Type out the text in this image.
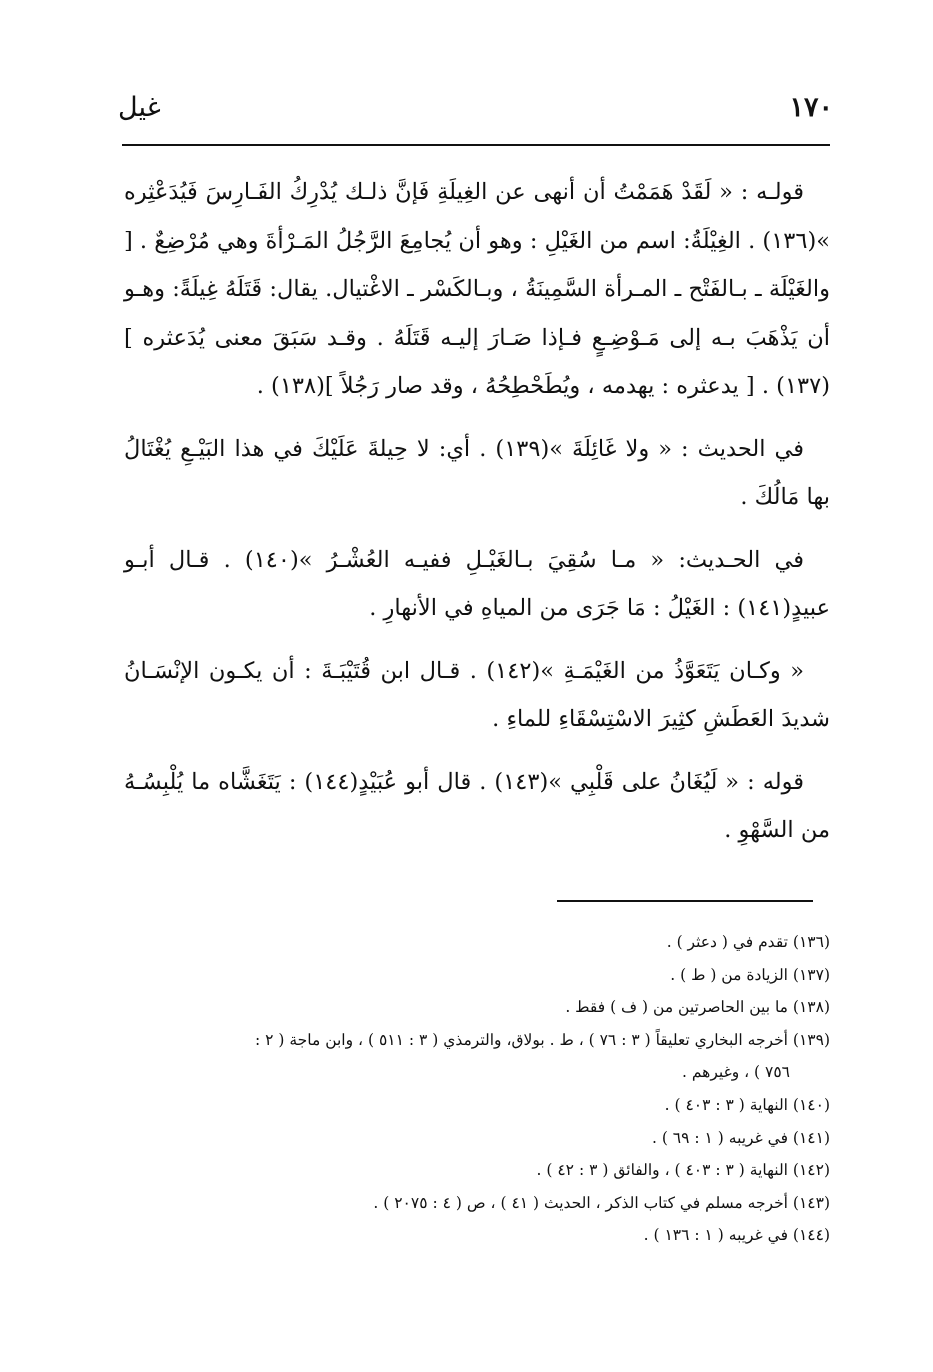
غيل	١٧٠

قولـه : « لَقَدْ هَمَمْتُ أن أنهى عن الغِيلَةِ فَإنَّ ذلـك يُدْرِكُ الفَـارِسَ فَيُدَعْثِره »(١٣٦) . الغِيْلَةُ: اسم من الغَيْلِ : وهو أن يُجامِعَ الرَّجُلُ المَـرْأةَ وهي مُرْضِعٌ . [ والغَيْلَة ـ بـالفَتْح ـ المـرأة السَّمِينَةُ ، وبـالكَسْر ـ الاغْتيال. يقال: قَتَلَهُ غِيلَةً: وهـو أن يَذْهَبَ بـه إلى مَـوْضِـعٍ فـإذا صَـارَ إليـه قَتَلَهُ . وقـد سَبَقَ معنى يُدَعثره ](١٣٧) . [ يدعثره : يهدمه ، ويُطَحْطِحُهُ ، وقد صار رَجُلاً ](١٣٨) .

في الحديث : « ولا غَائِلَةَ »(١٣٩) . أي: لا حِيلةَ عَلَيْكَ في هذا البَيْـعِ يُغْتَالُ بها مَالُكَ .

في الحـديث: « مـا سُقِيَ بـالغَيْـلِ ففيـه العُشْـرُ »(١٤٠) . قـال أبـو عبيدٍ(١٤١) : الغَيْلُ : مَا جَرَى من المياهِ في الأنهارِ .

« وكـان يَتَعَوَّذُ من الغَيْمَـةِ »(١٤٢) . قـال ابن قُتَيْبَـةَ : أن يكـون الإنْسَـانُ شديدَ العَطَشِ كثِيرَ الاسْتِسْقَاءِ للماءِ .

قوله : « لَيُغَانُ على قَلْبِي »(١٤٣) . قال أبو عُبَيْدٍ(١٤٤) : يَتَغَشَّاه ما يُلْبِسُـهُ من السَّهْوِ .

(١٣٦) تقدم في ( دعثر ) .
(١٣٧) الزيادة من ( ط ) .
(١٣٨) ما بين الحاصرتين من ( ف ) فقط .
(١٣٩) أخرجه البخاري تعليقاً ( ٣ : ٧٦ ) ، ط . بولاق، والترمذي ( ٣ : ٥١١ ) ، وابن ماجة ( ٢ :
٧٥٦ ) ، وغيرهم .
(١٤٠) النهاية ( ٣ : ٤٠٣ ) .
(١٤١) في غريبه ( ١ : ٦٩ ) .
(١٤٢) النهاية ( ٣ : ٤٠٣ ) ، والفائق ( ٣ : ٤٢ ) .
(١٤٣) أخرجه مسلم في كتاب الذكر ، الحديث ( ٤١ ) ، ص ( ٤ : ٢٠٧٥ ) .
(١٤٤) في غريبه ( ١ : ١٣٦ ) .
